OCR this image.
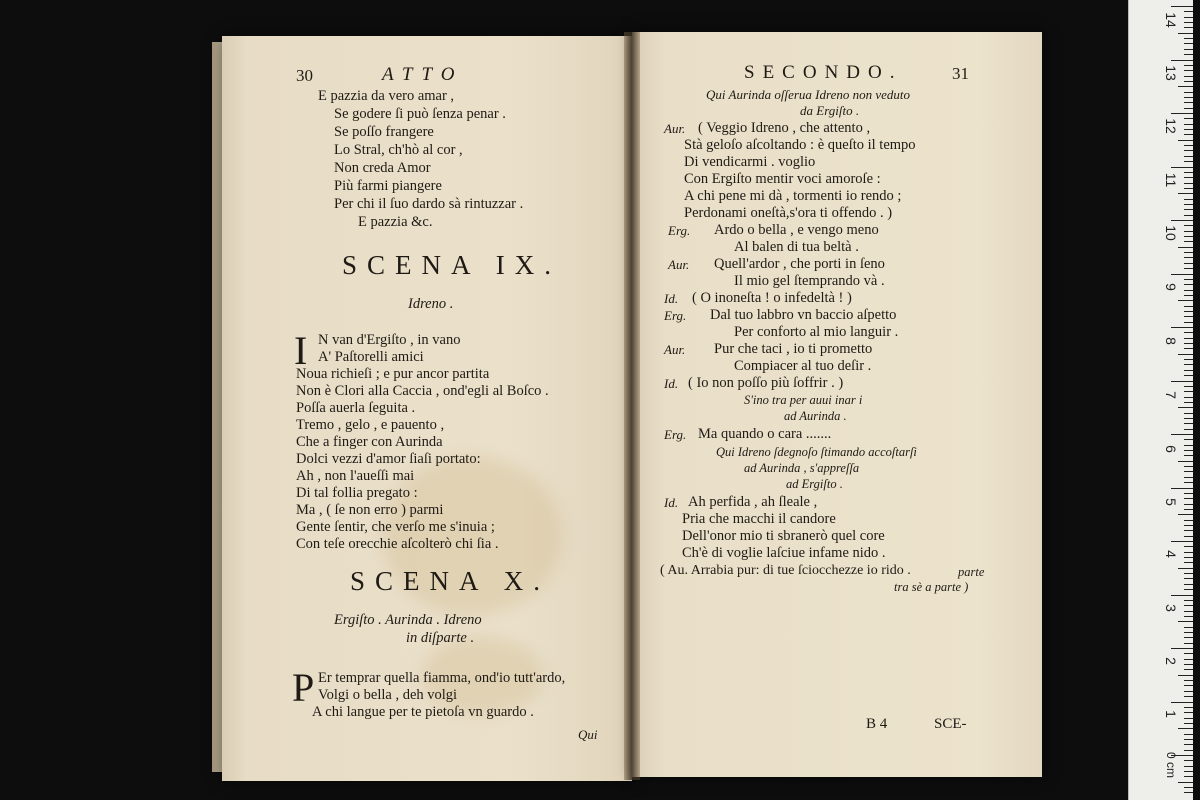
30	ATTO
E pazzia da vero amar ,
Se godere ſi può ſenza penar .
Se poſſo frangere
Lo Stral, ch'hò al cor ,
Non creda Amor
Più farmi piangere
Per chi il ſuo dardo sà rintuzzar .
E pazzia &c.
SCENA IX.
Idreno .
I N van d'Ergiſto , in vano
A' Paſtorelli amici
Noua richieſi ; e pur ancor partita
Non è Clori alla Caccia , ond'egli al Boſco .
Poſſa auerla ſeguita .
Tremo , gelo , e pauento ,
Che a finger con Aurinda
Dolci vezzi d'amor ſiaſi portato:
Ah , non l'aueſſi mai
Di tal follia pregato :
Ma , ( ſe non erro ) parmi
Gente ſentir, che verſo me s'inuia ;
Con teſe orecchie aſcolterò chi ſia .
SCENA X.
Ergiſto . Aurinda . Idreno
in diſparte .
P Er temprar quella fiamma, ond'io tutt'ardo,
Volgi o bella , deh volgi
A chi langue per te pietoſa vn guardo .
Qui
SECONDO.	31
Qui Aurinda oſſerua Idreno non veduto
da Ergiſto .
Aur. ( Veggio Idreno , che attento ,
Stà geloſo aſcoltando : è queſto il tempo
Di vendicarmi . voglio
Con Ergiſto mentir voci amoroſe :
A chi pene mi dà , tormenti io rendo ;
Perdonami oneſtà,s'ora ti offendo . )
Erg. Ardo o bella , e vengo meno
Al balen di tua beltà .
Aur. Quell'ardor , che porti in ſeno
Il mio gel ſtemprando và .
Id. ( O inoneſta ! o infedeltà ! )
Erg. Dal tuo labbro vn baccio aſpetto
Per conforto al mio languir .
Aur. Pur che taci , io ti prometto
Compiacer al tuo deſir .
Id. ( Io non poſſo più ſoffrir . )
S'ino tra per auui inar i
ad Aurinda .
Erg. Ma quando o cara .......
Qui Idreno ſdegnoſo ſtimando accoſtarſi
ad Aurinda , s'appreſſa
ad Ergiſto .
Id. Ah perfida , ah ſleale ,
Pria che macchi il candore
Dell'onor mio ti sbranerò quel core
Ch'è di voglie laſciue infame nido .
( Au. Arrabia pur: di tue ſciocchezze io rido .	parte
tra sè a parte )
B 4	SCE-
14
13
12
11
10
9
8
7
6
5
4
3
2
1
0 cm
